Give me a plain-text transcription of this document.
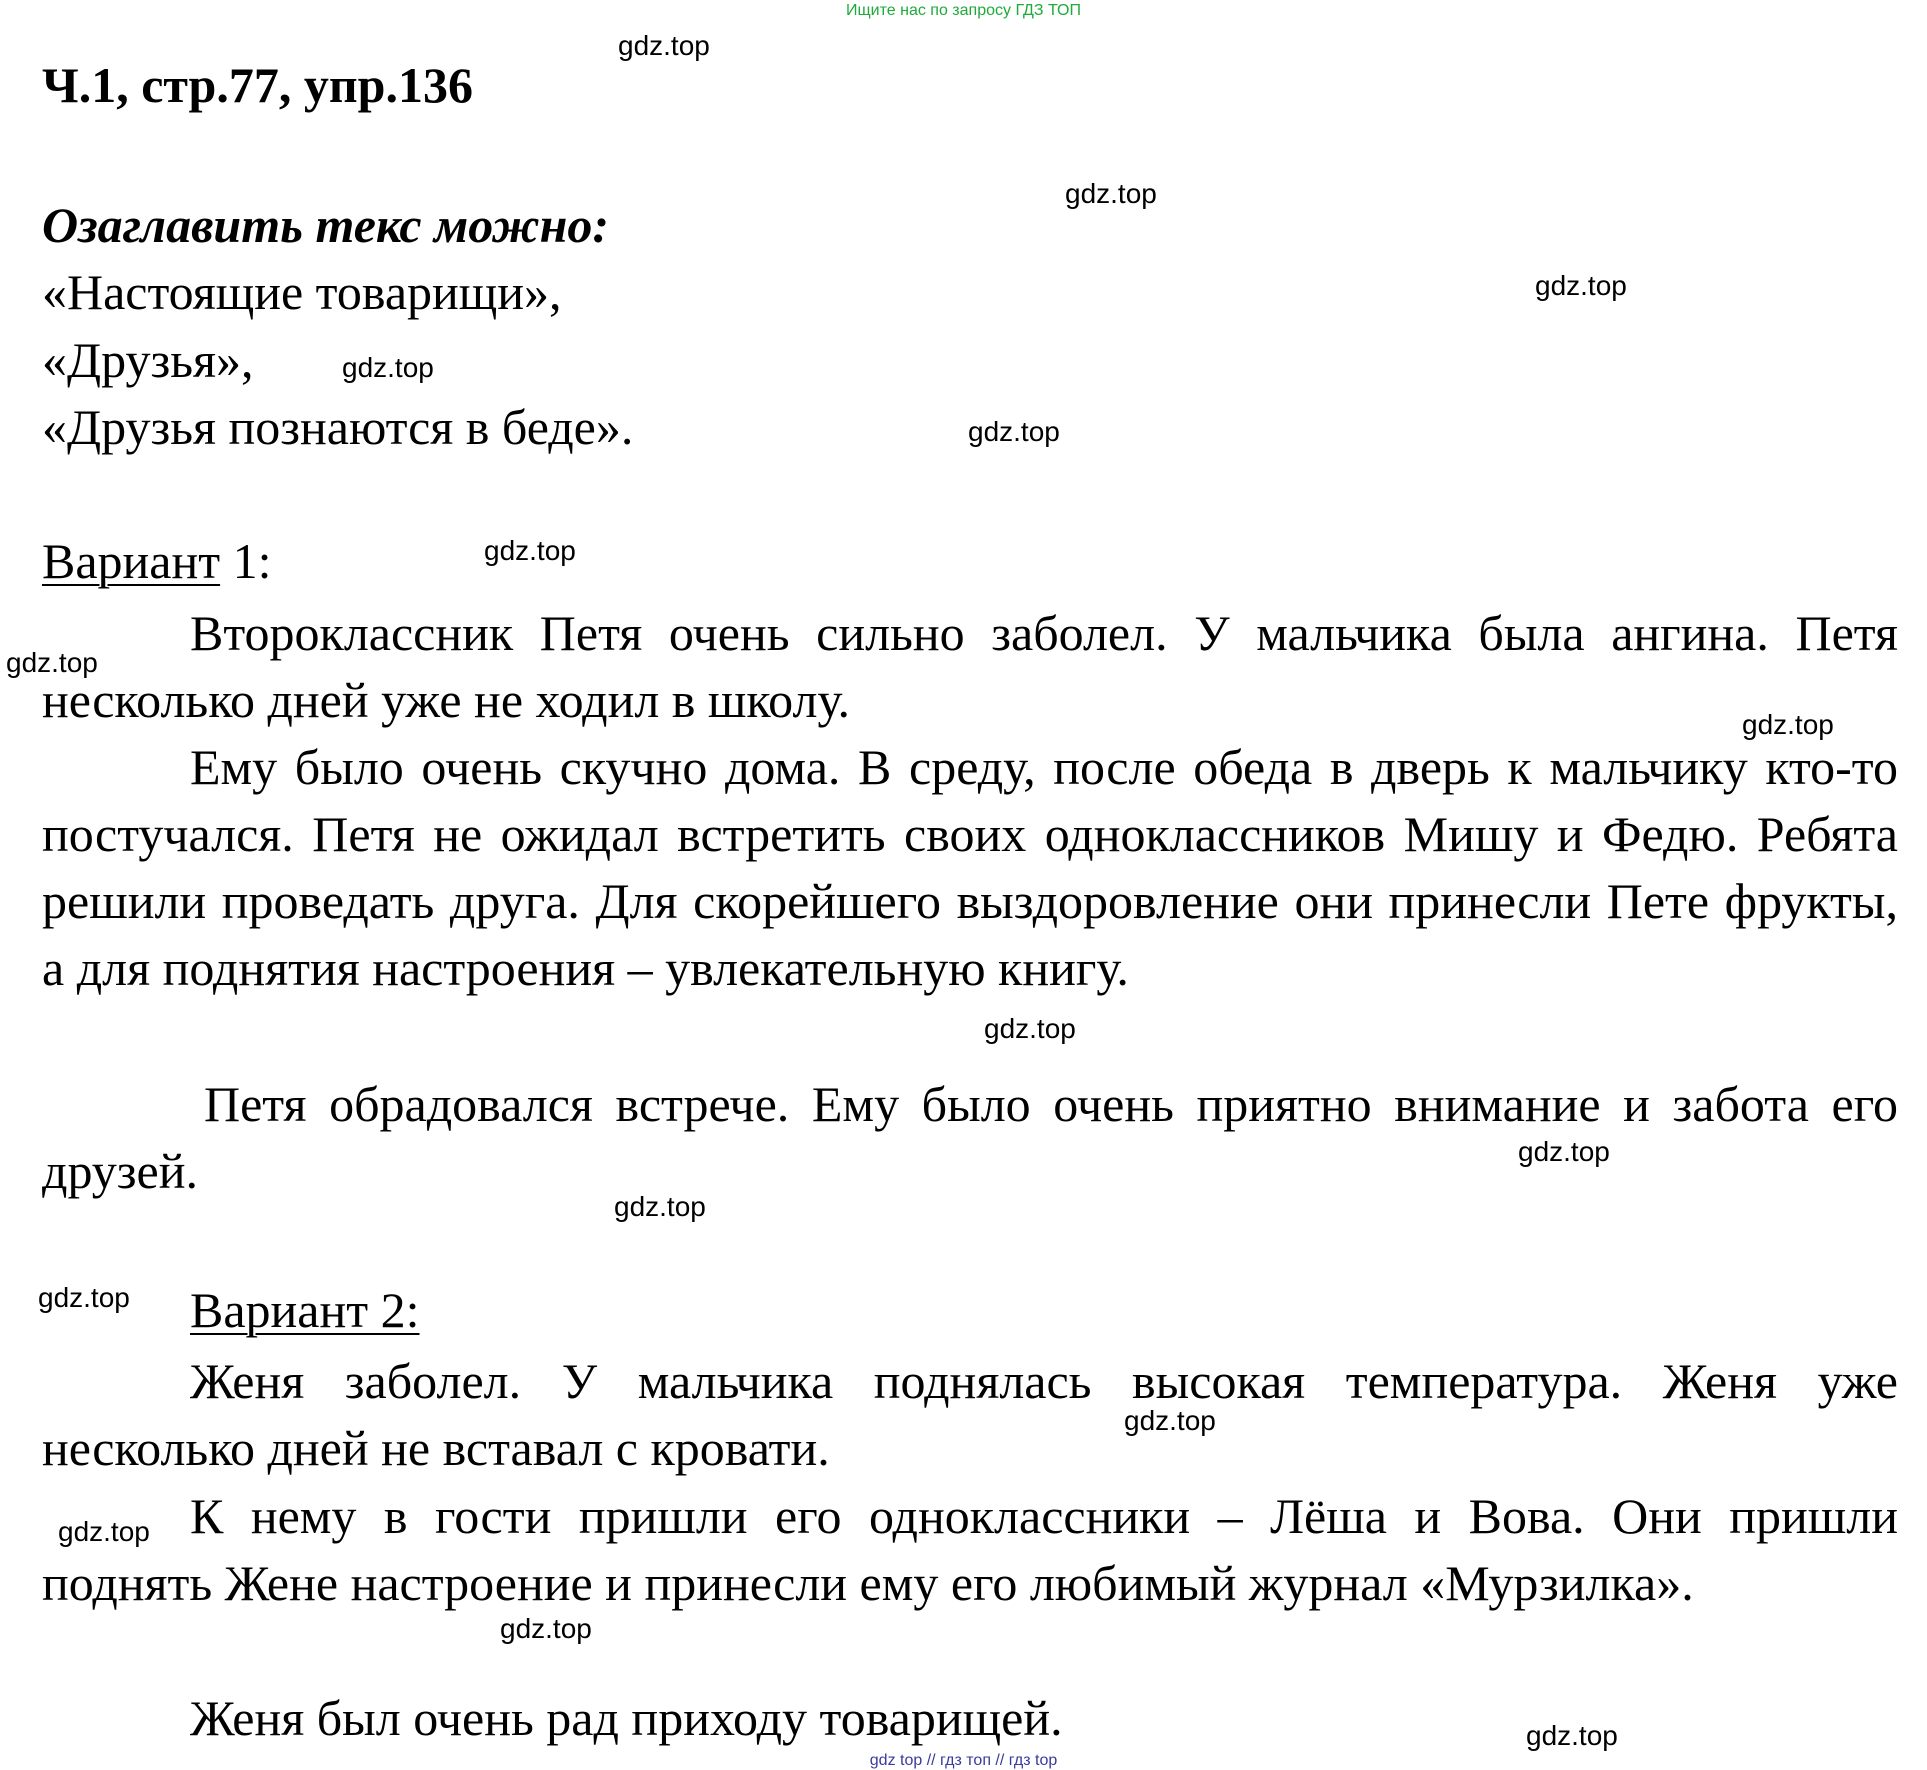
Ищите нас по запросу ГДЗ ТОП
Ч.1, стр.77, упр.136
Озаглавить текс можно:
«Настоящие товарищи»,
«Друзья»,
«Друзья познаются в беде».
Вариант 1:
Второклассник Петя очень сильно заболел. У мальчика была ангина. Петя несколько дней уже не ходил в школу.
Ему было очень скучно дома. В среду, после обеда в дверь к мальчику кто-то постучался. Петя не ожидал встретить своих одноклассников Мишу и Федю. Ребята решили проведать друга. Для скорейшего выздоровление они принесли Пете фрукты, а для поднятия настроения – увлекательную книгу.
Петя обрадовался встрече. Ему было очень приятно внимание и забота его друзей.
Вариант 2:
Женя заболел. У мальчика поднялась высокая температура. Женя уже несколько дней не вставал с кровати.
К нему в гости пришли его одноклассники – Лёша и Вова. Они пришли поднять Жене настроение и принесли ему его любимый журнал «Мурзилка».
Женя был очень рад приходу товарищей.
gdz.top
gdz.top
gdz.top
gdz.top
gdz.top
gdz.top
gdz.top
gdz.top
gdz.top
gdz.top
gdz.top
gdz.top
gdz.top
gdz.top
gdz.top
gdz.top
gdz top // гдз топ // гдз top
